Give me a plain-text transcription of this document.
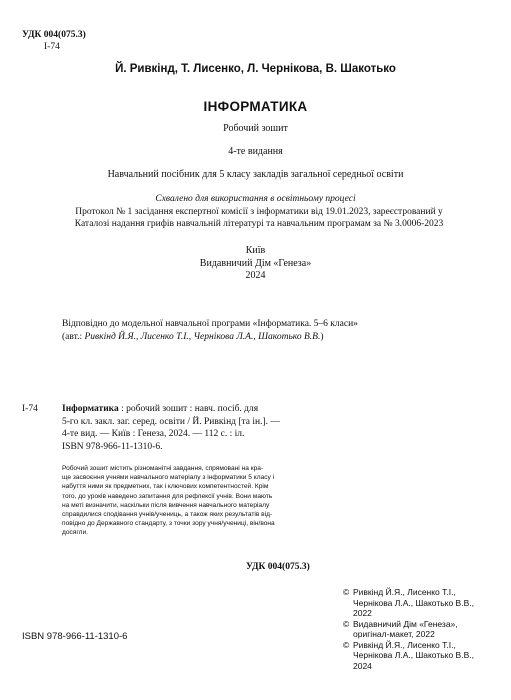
УДК 004(075.3)
І-74
Й. Ривкінд, Т. Лисенко, Л. Чернікова, В. Шакотько
ІНФОРМАТИКА
Робочий зошит
4-те видання
Навчальний посібник для 5 класу закладів загальної середньої освіти
Схвалено для використання в освітньому процесі
Протокол № 1 засідання експертної комісії з інформатики від 19.01.2023, зареєстрований у
Каталозі надання грифів навчальній літературі та навчальним програмам за № 3.0006-2023
Київ
Видавничий Дім «Генеза»
2024
Відповідно до модельної навчальної програми «Інформатика. 5–6 класи»
(авт.: Ривкінд Й.Я., Лисенко Т.І., Чернікова Л.А., Шакотько В.В.)
І-74	Інформатика : робочий зошит : навч. посіб. для
5-го кл. закл. заг. серед. освіти / Й. Ривкінд [та ін.]. —
4-те вид. — Київ : Генеза, 2024. — 112 с. : іл.
ISBN 978-966-11-1310-6.
Робочий зошит містить різноманітні завдання, спрямовані на кра-
ще засвоєння учнями навчального матеріалу з інформатики 5 класу і
набуття ними як предметних, так і ключових компетентностей. Крім
того, до уроків наведено запитання для рефлексії учнів. Вони мають
на меті визначити, наскільки після вивчення навчального матеріалу
справдилися сподівання учнів/учениць, а також яких результатів від-
повідно до Державного стандарту, з точки зору учня/учениці, він/вона
досягли.
УДК 004(075.3)
ISBN 978-966-11-1310-6
© Ривкінд Й.Я., Лисенко Т.І.,
Чернікова Л.А., Шакотько В.В.,
2022
© Видавничий Дім «Генеза»,
оригінал-макет, 2022
© Ривкінд Й.Я., Лисенко Т.І.,
Чернікова Л.А., Шакотько В.В.,
2024
